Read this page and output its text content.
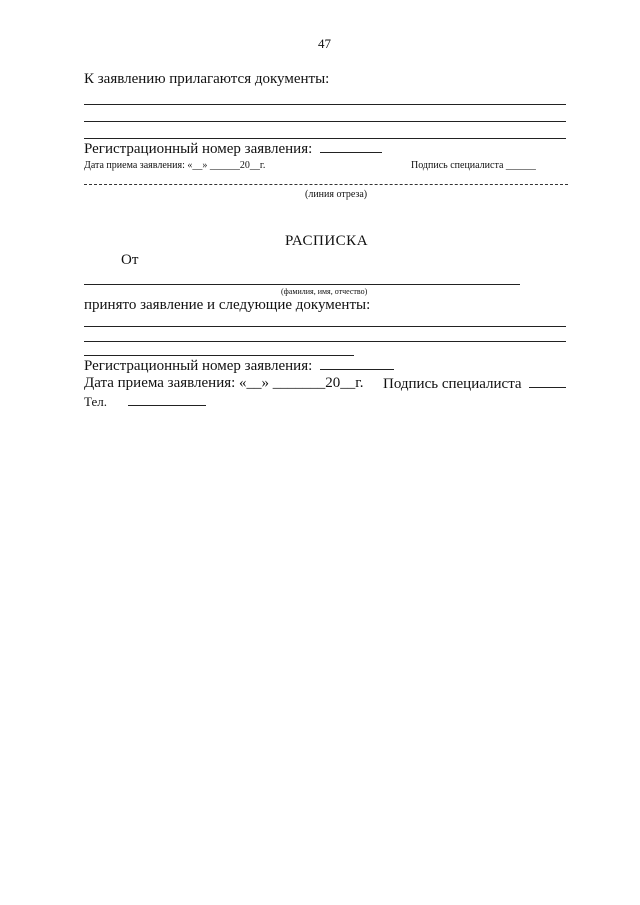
47
К заявлению прилагаются документы:
Регистрационный номер заявления:
Дата приема заявления: «__» ______20__г.	Подпись специалиста ______
(линия отреза)
РАСПИСКА
От
(фамилия, имя, отчество)
принято заявление и следующие документы:
Регистрационный номер заявления:
Дата приема заявления: «__» _______20__г. Подпись специалиста
Тел.
